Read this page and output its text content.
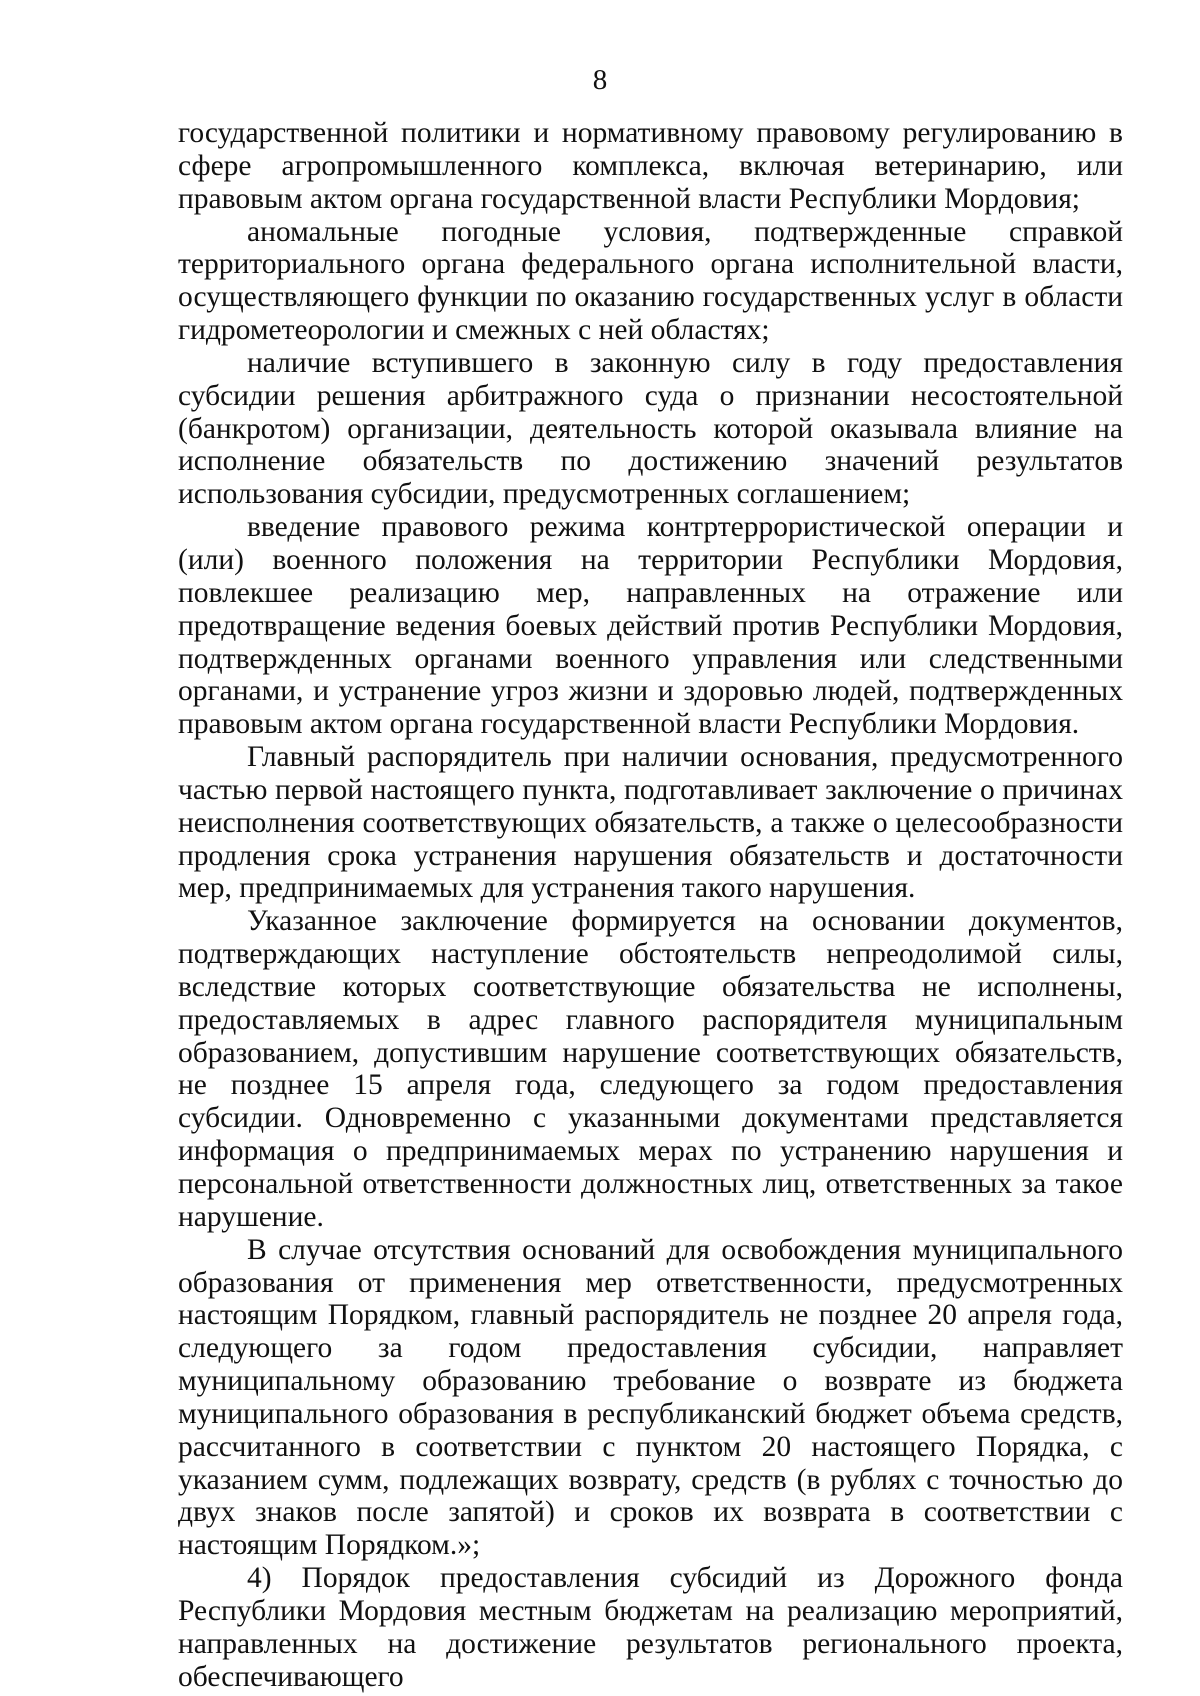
8

государственной политики и нормативному правовому регулированию в сфере агропромышленного комплекса, включая ветеринарию, или правовым актом органа государственной власти Республики Мордовия;

аномальные погодные условия, подтвержденные справкой территориального органа федерального органа исполнительной власти, осуществляющего функции по оказанию государственных услуг в области гидрометеорологии и смежных с ней областях;

наличие вступившего в законную силу в году предоставления субсидии решения арбитражного суда о признании несостоятельной (банкротом) организации, деятельность которой оказывала влияние на исполнение обязательств по достижению значений результатов использования субсидии, предусмотренных соглашением;

введение правового режима контртеррористической операции и (или) военного положения на территории Республики Мордовия, повлекшее реализацию мер, направленных на отражение или предотвращение ведения боевых действий против Республики Мордовия, подтвержденных органами военного управления или следственными органами, и устранение угроз жизни и здоровью людей, подтвержденных правовым актом органа государственной власти Республики Мордовия.

Главный распорядитель при наличии основания, предусмотренного частью первой настоящего пункта, подготавливает заключение о причинах неисполнения соответствующих обязательств, а также о целесообразности продления срока устранения нарушения обязательств и достаточности мер, предпринимаемых для устранения такого нарушения.

Указанное заключение формируется на основании документов, подтверждающих наступление обстоятельств непреодолимой силы, вследствие которых соответствующие обязательства не исполнены, предоставляемых в адрес главного распорядителя муниципальным образованием, допустившим нарушение соответствующих обязательств, не позднее 15 апреля года, следующего за годом предоставления субсидии. Одновременно с указанными документами представляется информация о предпринимаемых мерах по устранению нарушения и персональной ответственности должностных лиц, ответственных за такое нарушение.

В случае отсутствия оснований для освобождения муниципального образования от применения мер ответственности, предусмотренных настоящим Порядком, главный распорядитель не позднее 20 апреля года, следующего за годом предоставления субсидии, направляет муниципальному образованию требование о возврате из бюджета муниципального образования в республиканский бюджет объема средств, рассчитанного в соответствии с пунктом 20 настоящего Порядка, с указанием сумм, подлежащих возврату, средств (в рублях с точностью до двух знаков после запятой) и сроков их возврата в соответствии с настоящим Порядком.»;

4) Порядок предоставления субсидий из Дорожного фонда Республики Мордовия местным бюджетам на реализацию мероприятий, направленных на достижение результатов регионального проекта, обеспечивающего
